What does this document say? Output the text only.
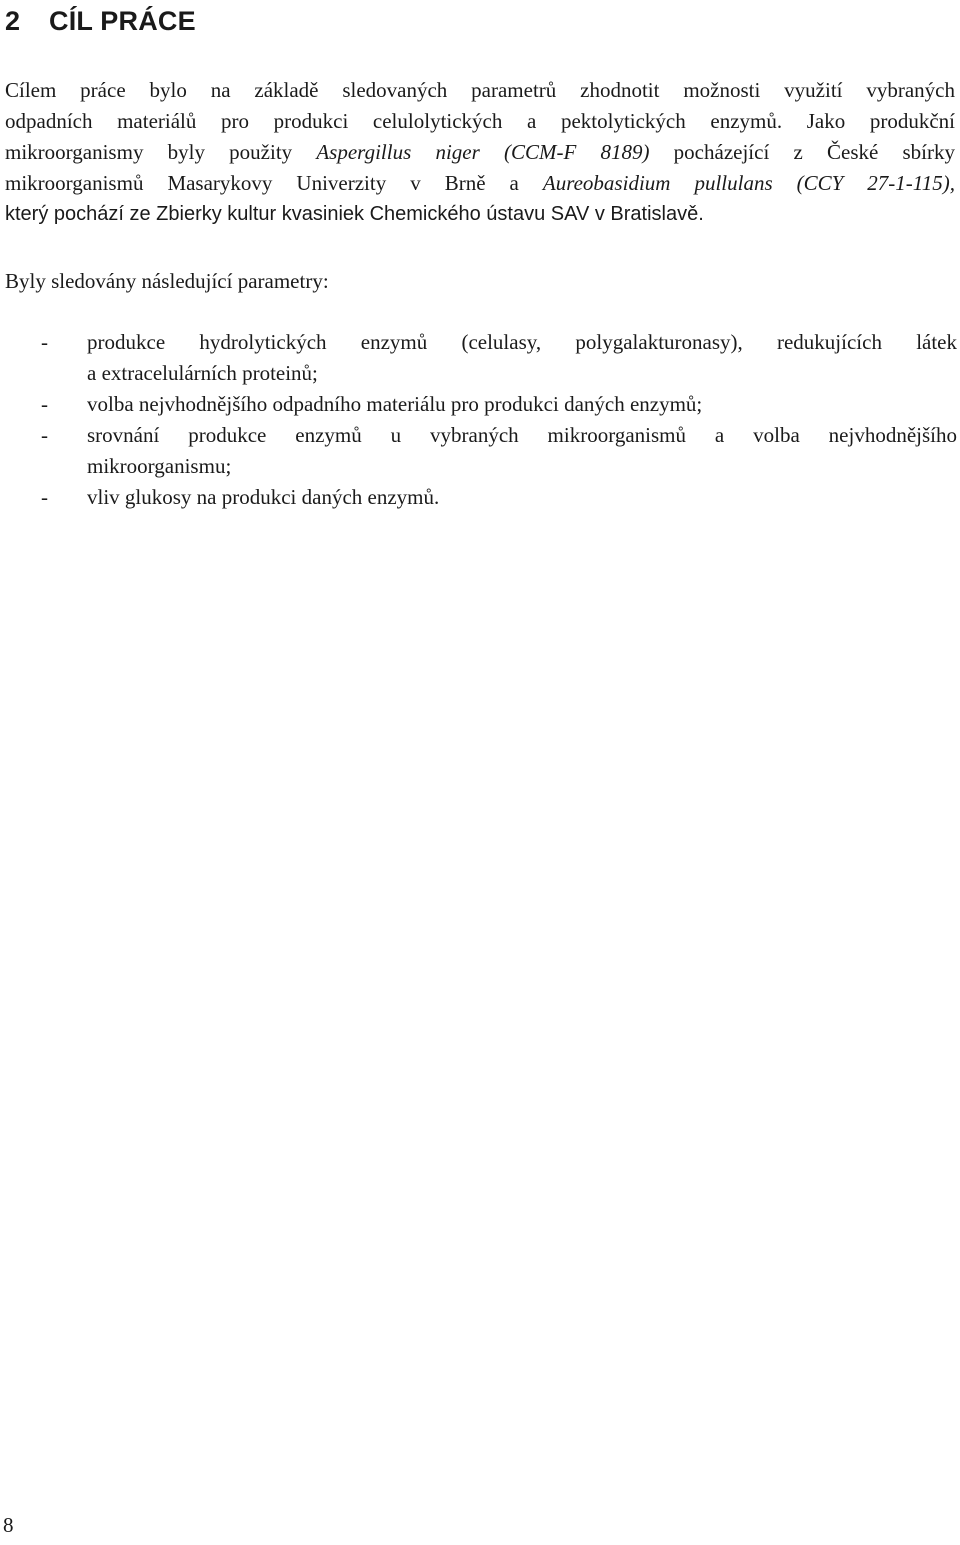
2 CÍL PRÁCE
Cílem práce bylo na základě sledovaných parametrů zhodnotit možnosti využití vybraných
odpadních materiálů pro produkci celulolytických a pektolytických enzymů. Jako produkční
mikroorganismy byly použity Aspergillus niger (CCM-F 8189) pocházející z České sbírky
mikroorganismů Masarykovy Univerzity v Brně a Aureobasidium pullulans (CCY 27-1-115),
který pochází ze Zbierky kultur kvasiniek Chemického ústavu SAV v Bratislavě.

Byly sledovány následující parametry:

- produkce hydrolytických enzymů (celulasy, polygalakturonasy), redukujících látek
a extracelulárních proteinů;
- volba nejvhodnějšího odpadního materiálu pro produkci daných enzymů;
- srovnání produkce enzymů u vybraných mikroorganismů a volba nejvhodnějšího
mikroorganismu;
- vliv glukosy na produkci daných enzymů.
8
